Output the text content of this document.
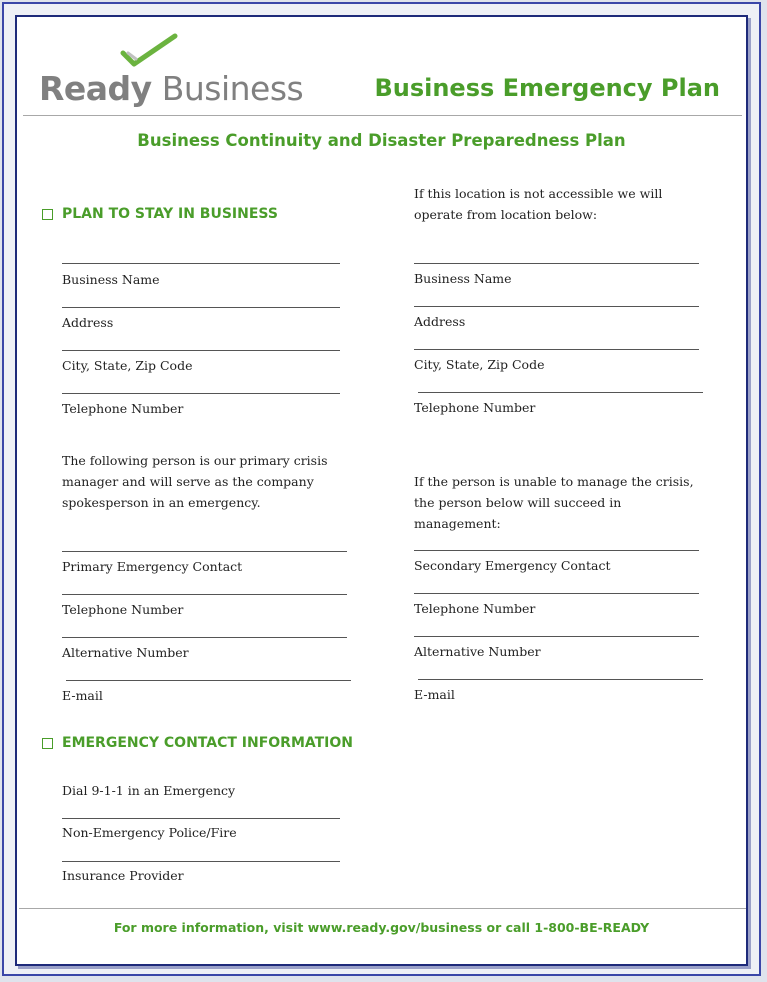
Ready Business	Business Emergency Plan
Business Continuity and Disaster Preparedness Plan
PLAN TO STAY IN BUSINESS
If this location is not accessible we will operate from location below:
Business Name
Address
City, State, Zip Code
Telephone Number
Business Name
Address
City, State, Zip Code
Telephone Number
The following person is our primary crisis manager and will serve as the company spokesperson in an emergency.
If the person is unable to manage the crisis, the person below will succeed in management:
Primary Emergency Contact
Telephone Number
Alternative Number
E-mail
Secondary Emergency Contact
Telephone Number
Alternative Number
E-mail
EMERGENCY CONTACT INFORMATION
Dial 9-1-1 in an Emergency
Non-Emergency Police/Fire
Insurance Provider
For more information, visit www.ready.gov/business or call 1-800-BE-READY
